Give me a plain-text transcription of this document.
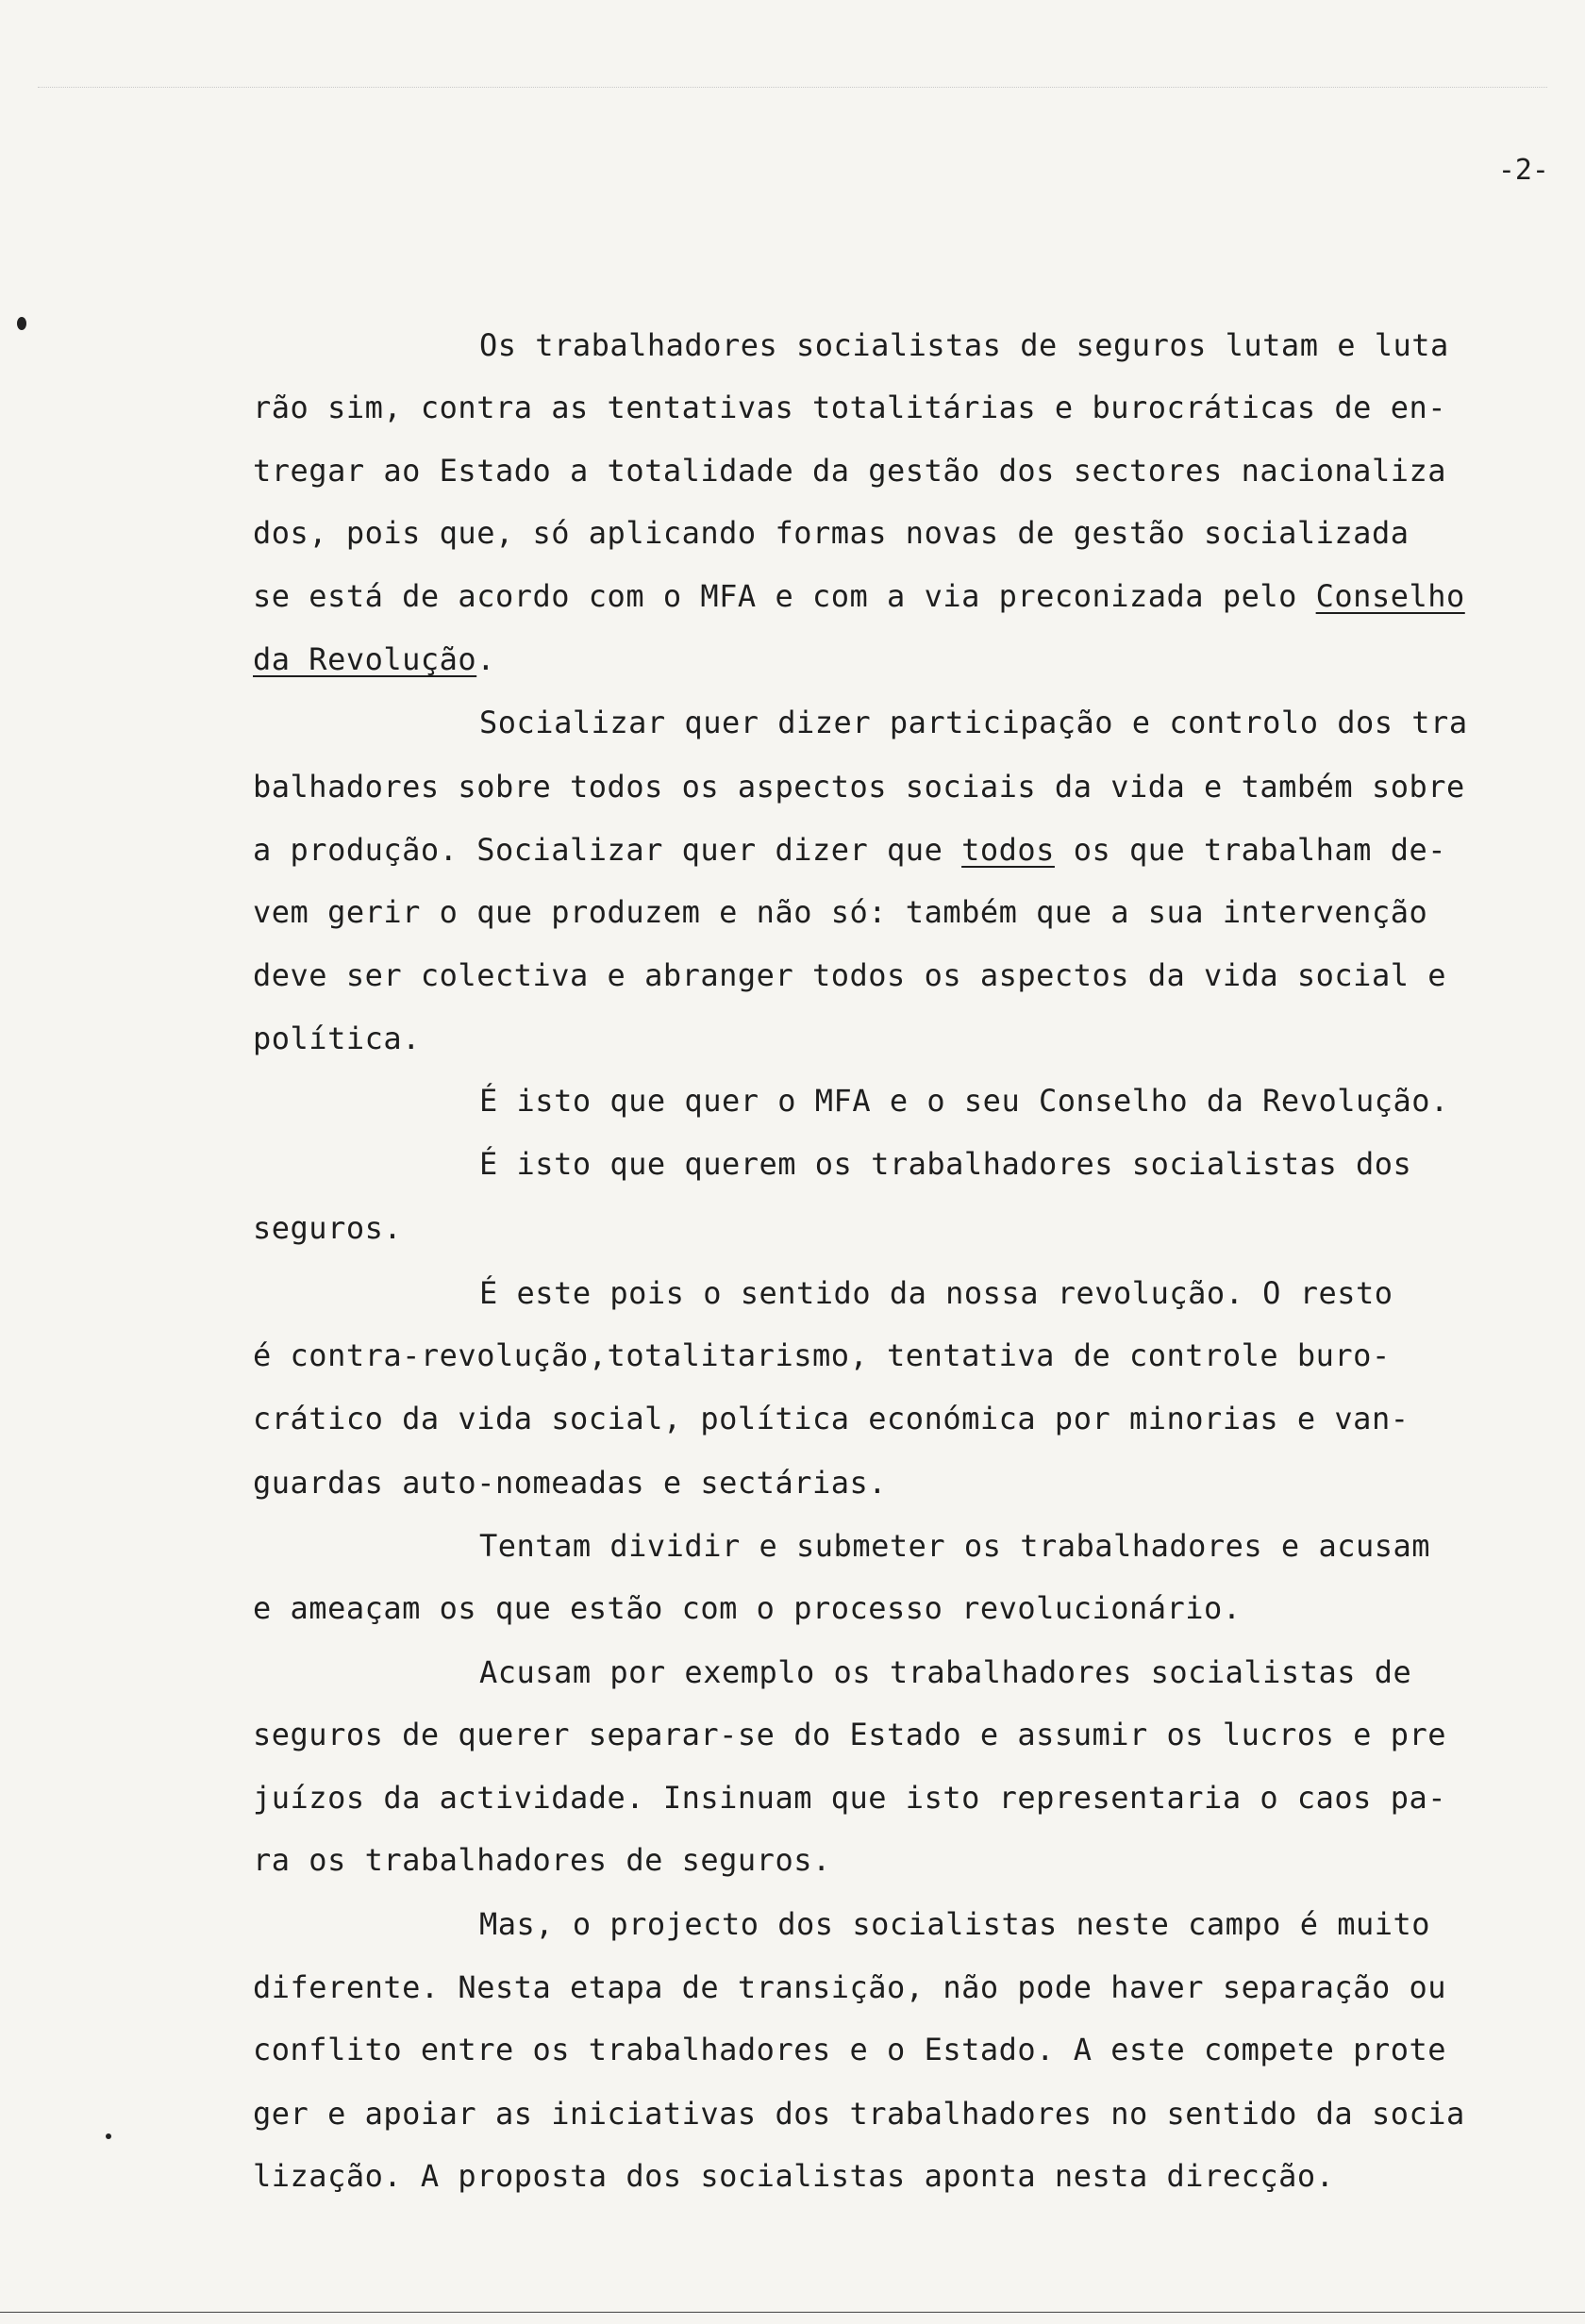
-2-
Os trabalhadores socialistas de seguros lutam e luta
rão sim, contra as tentativas totalitárias e burocráticas de en-
tregar ao Estado a totalidade da gestão dos sectores nacionaliza
dos, pois que, só aplicando formas novas de gestão socializada
se está de acordo com o MFA e com a via preconizada pelo Conselho
da Revolução.
Socializar quer dizer participação e controlo dos tra
balhadores sobre todos os aspectos sociais da vida e também sobre
a produção. Socializar quer dizer que todos os que trabalham de-
vem gerir o que produzem e não só: também que a sua intervenção
deve ser colectiva e abranger todos os aspectos da vida social e
política.
É isto que quer o MFA e o seu Conselho da Revolução.
É isto que querem os trabalhadores socialistas dos
seguros.
É este pois o sentido da nossa revolução. O resto
é contra-revolução,totalitarismo, tentativa de controle buro-
crático da vida social, política económica por minorias e van-
guardas auto-nomeadas e sectárias.
Tentam dividir e submeter os trabalhadores e acusam
e ameaçam os que estão com o processo revolucionário.
Acusam por exemplo os trabalhadores socialistas de
seguros de querer separar-se do Estado e assumir os lucros e pre
juízos da actividade. Insinuam que isto representaria o caos pa-
ra os trabalhadores de seguros.
Mas, o projecto dos socialistas neste campo é muito
diferente. Nesta etapa de transição, não pode haver separação ou
conflito entre os trabalhadores e o Estado. A este compete prote
ger e apoiar as iniciativas dos trabalhadores no sentido da socia
lização. A proposta dos socialistas aponta nesta direcção.
